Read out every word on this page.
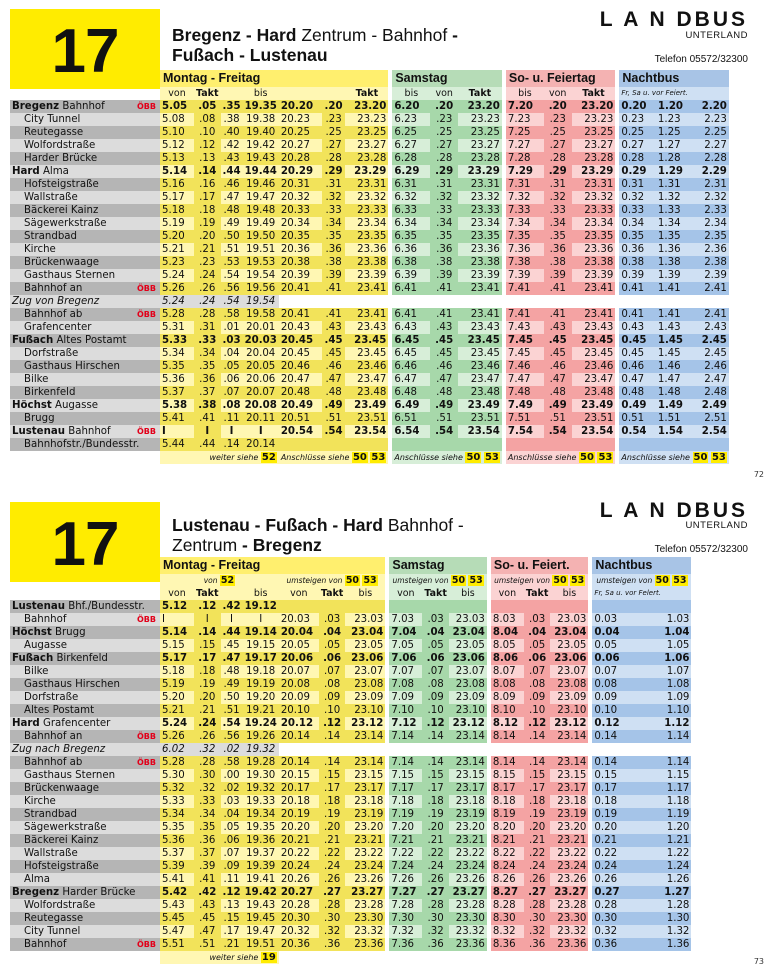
17	Bregenz - Hard Zentrum - Bahnhof -
Fußach - Lustenau
L A N DBUS
UNTERLAND
Telefon 05572/32300
	Montag - Freitag								Samstag				So- u. Feiertag				Nachtbus		
	von	Takt		bis			Takt		bis	von	Takt		bis	von	Takt		Fr, Sa u. vor Feiert.		
Bregenz Bahnhof ÖBB	5.05	.05	.35	19.35	20.20	.20	23.20		6.20	.20	23.20		7.20	.20	23.20		0.20	1.20	2.20
City Tunnel	5.08	.08	.38	19.38	20.23	.23	23.23		6.23	.23	23.23		7.23	.23	23.23		0.23	1.23	2.23
Reutegasse	5.10	.10	.40	19.40	20.25	.25	23.25		6.25	.25	23.25		7.25	.25	23.25		0.25	1.25	2.25
Wolfordstraße	5.12	.12	.42	19.42	20.27	.27	23.27		6.27	.27	23.27		7.27	.27	23.27		0.27	1.27	2.27
Harder Brücke	5.13	.13	.43	19.43	20.28	.28	23.28		6.28	.28	23.28		7.28	.28	23.28		0.28	1.28	2.28
Hard Alma	5.14	.14	.44	19.44	20.29	.29	23.29		6.29	.29	23.29		7.29	.29	23.29		0.29	1.29	2.29
Hofsteigstraße	5.16	.16	.46	19.46	20.31	.31	23.31		6.31	.31	23.31		7.31	.31	23.31		0.31	1.31	2.31
Wallstraße	5.17	.17	.47	19.47	20.32	.32	23.32		6.32	.32	23.32		7.32	.32	23.32		0.32	1.32	2.32
Bäckerei Kainz	5.18	.18	.48	19.48	20.33	.33	23.33		6.33	.33	23.33		7.33	.33	23.33		0.33	1.33	2.33
Sägewerkstraße	5.19	.19	.49	19.49	20.34	.34	23.34		6.34	.34	23.34		7.34	.34	23.34		0.34	1.34	2.34
Strandbad	5.20	.20	.50	19.50	20.35	.35	23.35		6.35	.35	23.35		7.35	.35	23.35		0.35	1.35	2.35
Kirche	5.21	.21	.51	19.51	20.36	.36	23.36		6.36	.36	23.36		7.36	.36	23.36		0.36	1.36	2.36
Brückenwaage	5.23	.23	.53	19.53	20.38	.38	23.38		6.38	.38	23.38		7.38	.38	23.38		0.38	1.38	2.38
Gasthaus Sternen	5.24	.24	.54	19.54	20.39	.39	23.39		6.39	.39	23.39		7.39	.39	23.39		0.39	1.39	2.39
Bahnhof an ÖBB	5.26	.26	.56	19.56	20.41	.41	23.41		6.41	.41	23.41		7.41	.41	23.41		0.41	1.41	2.41
Zug von Bregenz	5.24	.24	.54	19.54															
Bahnhof ab ÖBB	5.28	.28	.58	19.58	20.41	.41	23.41		6.41	.41	23.41		7.41	.41	23.41		0.41	1.41	2.41
Grafencenter	5.31	.31	.01	20.01	20.43	.43	23.43		6.43	.43	23.43		7.43	.43	23.43		0.43	1.43	2.43
Fußach Altes Postamt	5.33	.33	.03	20.03	20.45	.45	23.45		6.45	.45	23.45		7.45	.45	23.45		0.45	1.45	2.45
Dorfstraße	5.34	.34	.04	20.04	20.45	.45	23.45		6.45	.45	23.45		7.45	.45	23.45		0.45	1.45	2.45
Gasthaus Hirschen	5.35	.35	.05	20.05	20.46	.46	23.46		6.46	.46	23.46		7.46	.46	23.46		0.46	1.46	2.46
Bilke	5.36	.36	.06	20.06	20.47	.47	23.47		6.47	.47	23.47		7.47	.47	23.47		0.47	1.47	2.47
Birkenfeld	5.37	.37	.07	20.07	20.48	.48	23.48		6.48	.48	23.48		7.48	.48	23.48		0.48	1.48	2.48
Höchst Augasse	5.38	.38	.08	20.08	20.49	.49	23.49		6.49	.49	23.49		7.49	.49	23.49		0.49	1.49	2.49
Brugg	5.41	.41	.11	20.11	20.51	.51	23.51		6.51	.51	23.51		7.51	.51	23.51		0.51	1.51	2.51
Lustenau Bahnhof ÖBB	I	I	I	I	20.54	.54	23.54		6.54	.54	23.54		7.54	.54	23.54		0.54	1.54	2.54
Bahnhofstr./Bundesstr.	5.44	.44	.14	20.14															
	weiter siehe 52				Anschlüsse siehe 50 53				Anschlüsse siehe 50 53				Anschlüsse siehe 50 53				Anschlüsse siehe 50 53		
72
17	Lustenau - Fußach - Hard Bahnhof -
Zentrum - Bregenz
L A N DBUS
UNTERLAND
Telefon 05572/32300
	Montag - Freitag								Samstag				So- u. Feiert.				Nachtbus	
	von 52				umsteigen von 50 53				umsteigen von 50 53				umsteigen von 50 53				umsteigen von 50 53	
	von	Takt		bis	von	Takt	bis		von	Takt	bis		von	Takt	bis		Fr, Sa u. vor Felert.	
Lustenau Bhf./Bundesstr.	5.12	.12	.42	19.12														
Bahnhof ÖBB	I	I	I	I	20.03	.03	23.03		7.03	.03	23.03		8.03	.03	23.03		0.03	1.03
Höchst Brugg	5.14	.14	.44	19.14	20.04	.04	23.04		7.04	.04	23.04		8.04	.04	23.04		0.04	1.04
Augasse	5.15	.15	.45	19.15	20.05	.05	23.05		7.05	.05	23.05		8.05	.05	23.05		0.05	1.05
Fußach Birkenfeld	5.17	.17	.47	19.17	20.06	.06	23.06		7.06	.06	23.06		8.06	.06	23.06		0.06	1.06
Bilke	5.18	.18	.48	19.18	20.07	.07	23.07		7.07	.07	23.07		8.07	.07	23.07		0.07	1.07
Gasthaus Hirschen	5.19	.19	.49	19.19	20.08	.08	23.08		7.08	.08	23.08		8.08	.08	23.08		0.08	1.08
Dorfstraße	5.20	.20	.50	19.20	20.09	.09	23.09		7.09	.09	23.09		8.09	.09	23.09		0.09	1.09
Altes Postamt	5.21	.21	.51	19.21	20.10	.10	23.10		7.10	.10	23.10		8.10	.10	23.10		0.10	1.10
Hard Grafencenter	5.24	.24	.54	19.24	20.12	.12	23.12		7.12	.12	23.12		8.12	.12	23.12		0.12	1.12
Bahnhof an ÖBB	5.26	.26	.56	19.26	20.14	.14	23.14		7.14	.14	23.14		8.14	.14	23.14		0.14	1.14
Zug nach Bregenz	6.02	.32	.02	19.32														
Bahnhof ab ÖBB	5.28	.28	.58	19.28	20.14	.14	23.14		7.14	.14	23.14		8.14	.14	23.14		0.14	1.14
Gasthaus Sternen	5.30	.30	.00	19.30	20.15	.15	23.15		7.15	.15	23.15		8.15	.15	23.15		0.15	1.15
Brückenwaage	5.32	.32	.02	19.32	20.17	.17	23.17		7.17	.17	23.17		8.17	.17	23.17		0.17	1.17
Kirche	5.33	.33	.03	19.33	20.18	.18	23.18		7.18	.18	23.18		8.18	.18	23.18		0.18	1.18
Strandbad	5.34	.34	.04	19.34	20.19	.19	23.19		7.19	.19	23.19		8.19	.19	23.19		0.19	1.19
Sägewerkstraße	5.35	.35	.05	19.35	20.20	.20	23.20		7.20	.20	23.20		8.20	.20	23.20		0.20	1.20
Bäckerei Kainz	5.36	.36	.06	19.36	20.21	.21	23.21		7.21	.21	23.21		8.21	.21	23.21		0.21	1.21
Wallstraße	5.37	.37	.07	19.37	20.22	.22	23.22		7.22	.22	23.22		8.22	.22	23.22		0.22	1.22
Hofsteigstraße	5.39	.39	.09	19.39	20.24	.24	23.24		7.24	.24	23.24		8.24	.24	23.24		0.24	1.24
Alma	5.41	.41	.11	19.41	20.26	.26	23.26		7.26	.26	23.26		8.26	.26	23.26		0.26	1.26
Bregenz Harder Brücke	5.42	.42	.12	19.42	20.27	.27	23.27		7.27	.27	23.27		8.27	.27	23.27		0.27	1.27
Wolfordstraße	5.43	.43	.13	19.43	20.28	.28	23.28		7.28	.28	23.28		8.28	.28	23.28		0.28	1.28
Reutegasse	5.45	.45	.15	19.45	20.30	.30	23.30		7.30	.30	23.30		8.30	.30	23.30		0.30	1.30
City Tunnel	5.47	.47	.17	19.47	20.32	.32	23.32		7.32	.32	23.32		8.32	.32	23.32		0.32	1.32
Bahnhof ÖBB	5.51	.51	.21	19.51	20.36	.36	23.36		7.36	.36	23.36		8.36	.36	23.36		0.36	1.36
	weiter siehe 19																		73
